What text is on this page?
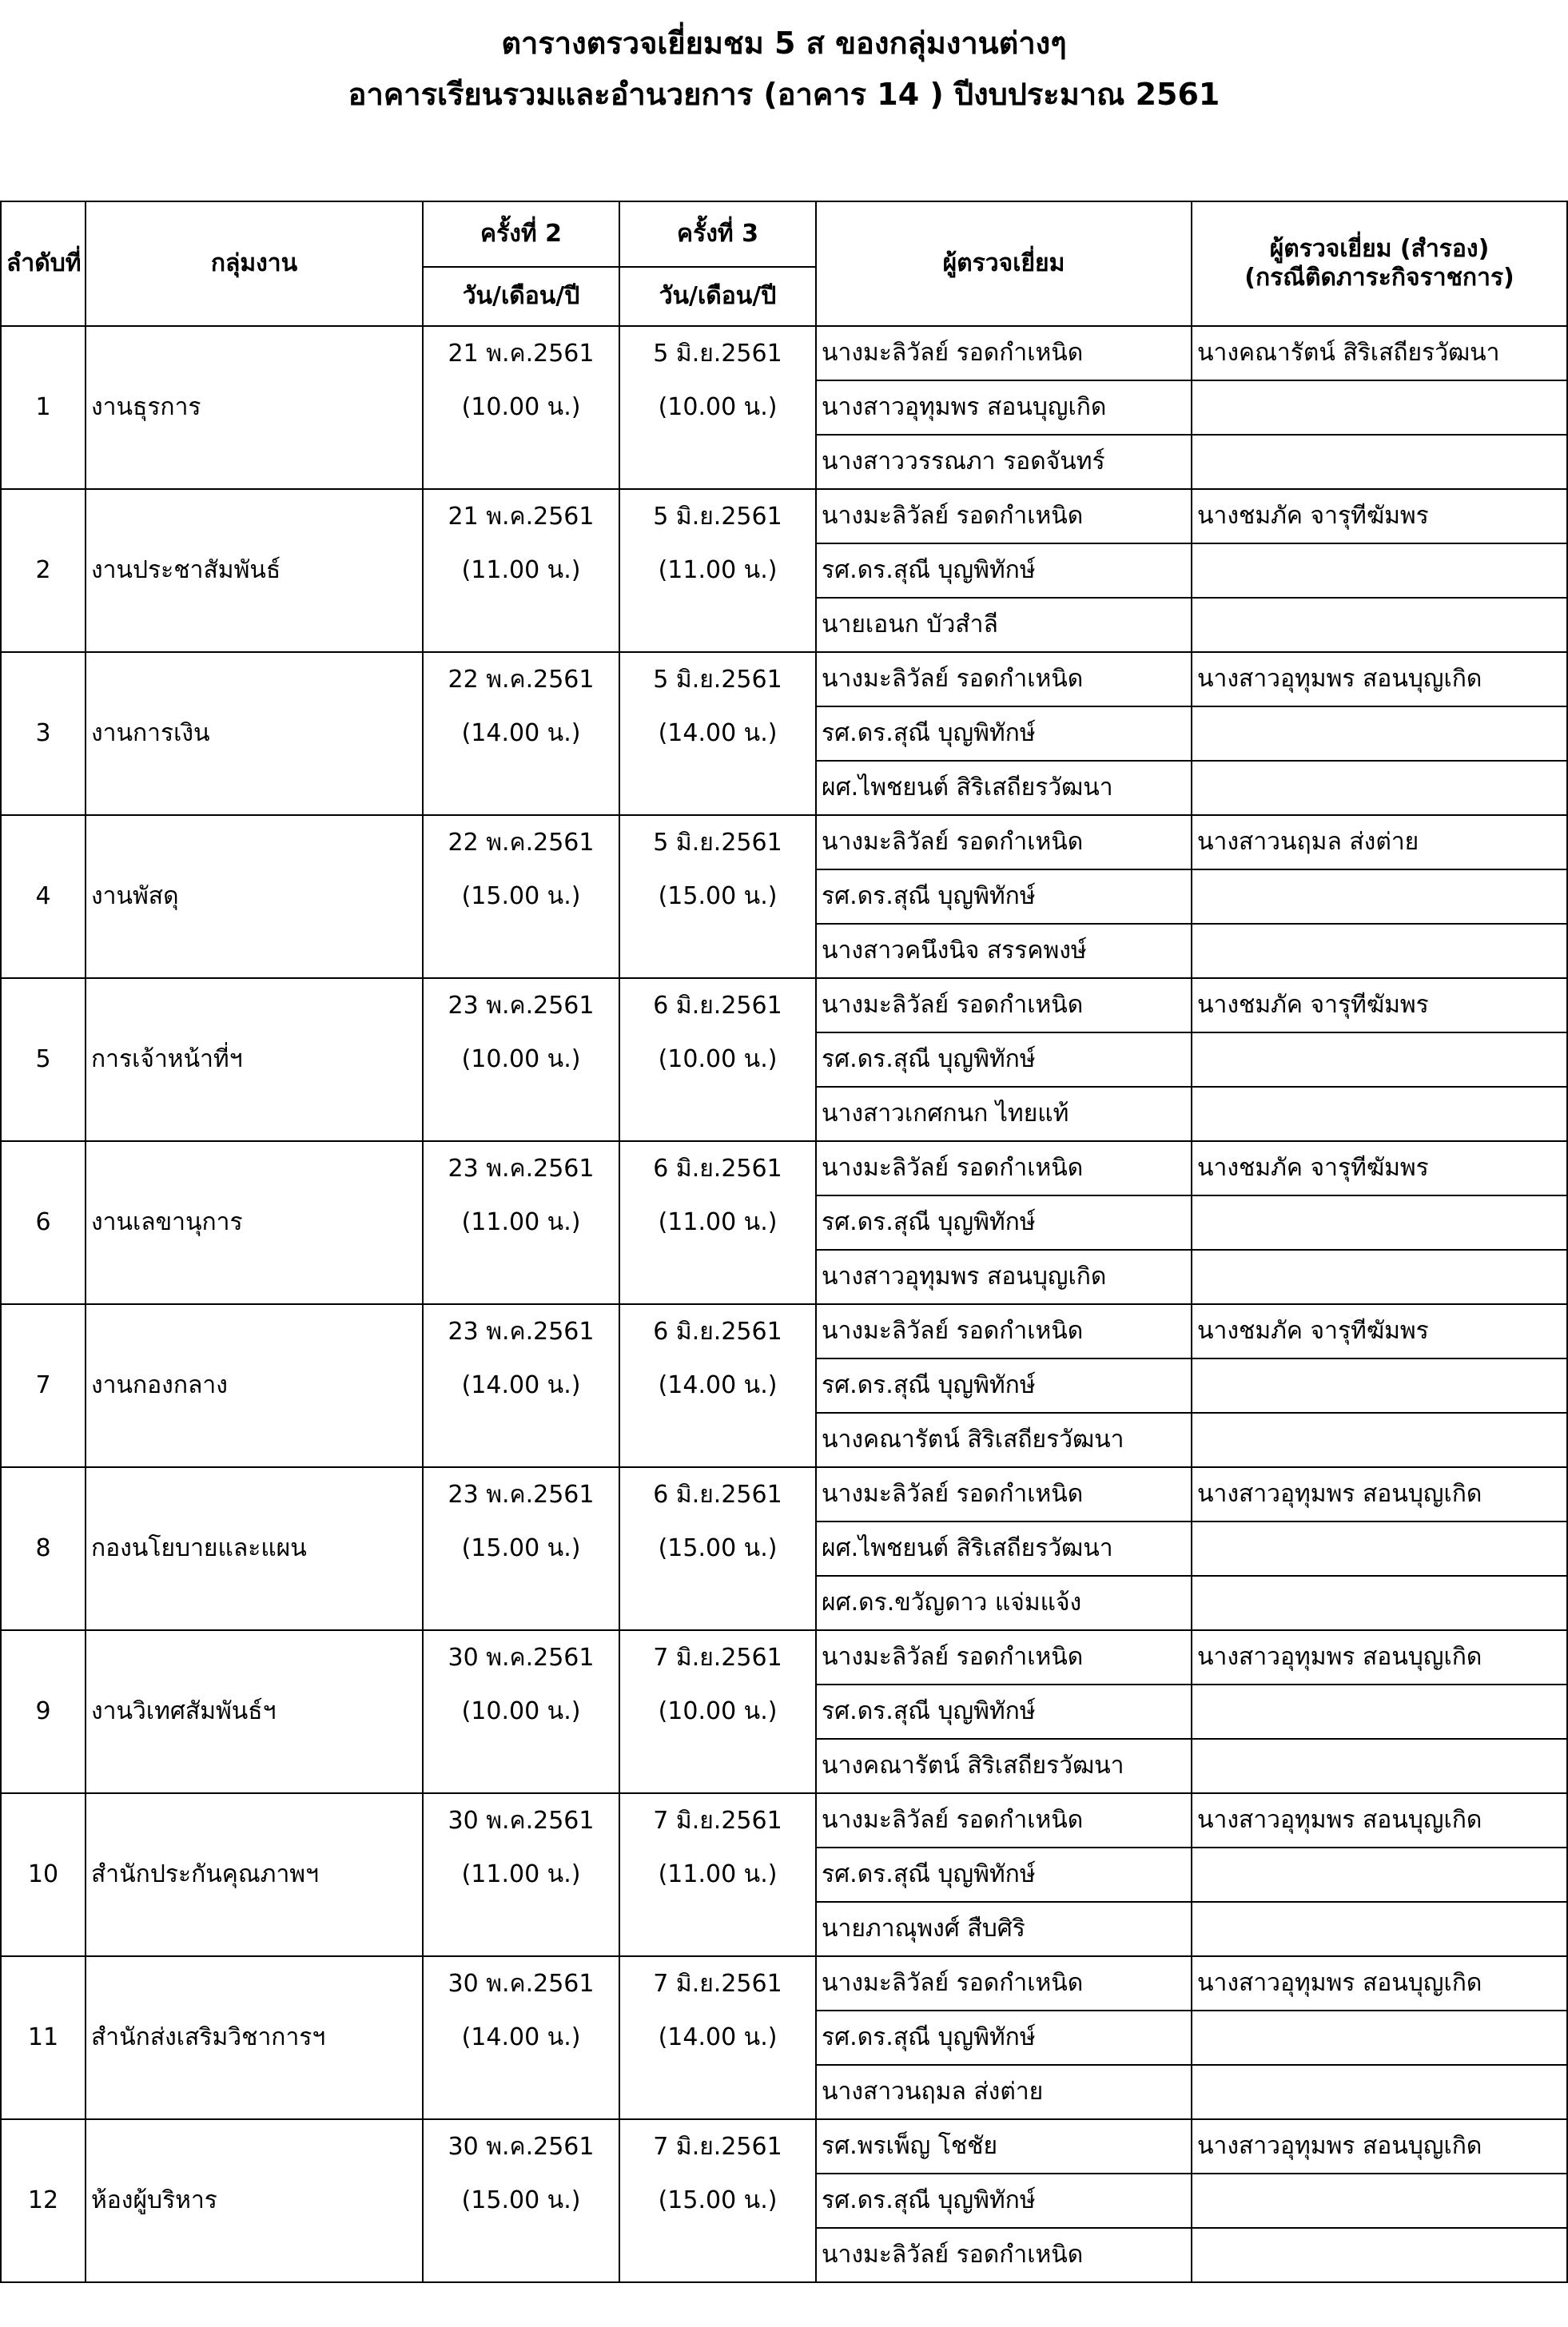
ตารางตรวจเยี่ยมชม 5 ส ของกลุ่มงานต่างๆ
อาคารเรียนรวมและอำนวยการ (อาคาร 14 ) ปีงบประมาณ 2561
ลำดับที่	กลุ่มงาน	ครั้งที่ 2	ครั้งที่ 3	ผู้ตรวจเยี่ยม	ผู้ตรวจเยี่ยม (สำรอง)
(กรณีติดภาระกิจราชการ)

		วัน/เดือน/ปี	วัน/เดือน/ปี		
1	งานธุรการ	21 พ.ค.2561	5 มิ.ย.2561	นางมะลิวัลย์ รอดกำเหนิด	นางคณารัตน์ สิริเสถียรวัฒนา
		(10.00 น.)	(10.00 น.)	นางสาวอุทุมพร สอนบุญเกิด	
				นางสาววรรณภา รอดจันทร์	
2	งานประชาสัมพันธ์	21 พ.ค.2561	5 มิ.ย.2561	นางมะลิวัลย์ รอดกำเหนิด	นางชมภัค จารุทีฆัมพร
		(11.00 น.)	(11.00 น.)	รศ.ดร.สุณี บุญพิทักษ์	
				นายเอนก บัวสำลี	
3	งานการเงิน	22 พ.ค.2561	5 มิ.ย.2561	นางมะลิวัลย์ รอดกำเหนิด	นางสาวอุทุมพร สอนบุญเกิด
		(14.00 น.)	(14.00 น.)	รศ.ดร.สุณี บุญพิทักษ์	
				ผศ.ไพชยนต์ สิริเสถียรวัฒนา	
4	งานพัสดุ	22 พ.ค.2561	5 มิ.ย.2561	นางมะลิวัลย์ รอดกำเหนิด	นางสาวนฤมล ส่งต่าย
		(15.00 น.)	(15.00 น.)	รศ.ดร.สุณี บุญพิทักษ์	
				นางสาวคนึงนิจ สรรคพงษ์	
5	การเจ้าหน้าที่ฯ	23 พ.ค.2561	6 มิ.ย.2561	นางมะลิวัลย์ รอดกำเหนิด	นางชมภัค จารุทีฆัมพร
		(10.00 น.)	(10.00 น.)	รศ.ดร.สุณี บุญพิทักษ์	
				นางสาวเกศกนก ไทยแท้	
6	งานเลขานุการ	23 พ.ค.2561	6 มิ.ย.2561	นางมะลิวัลย์ รอดกำเหนิด	นางชมภัค จารุทีฆัมพร
		(11.00 น.)	(11.00 น.)	รศ.ดร.สุณี บุญพิทักษ์	
				นางสาวอุทุมพร สอนบุญเกิด	
7	งานกองกลาง	23 พ.ค.2561	6 มิ.ย.2561	นางมะลิวัลย์ รอดกำเหนิด	นางชมภัค จารุทีฆัมพร
		(14.00 น.)	(14.00 น.)	รศ.ดร.สุณี บุญพิทักษ์	
				นางคณารัตน์ สิริเสถียรวัฒนา	
8	กองนโยบายและแผน	23 พ.ค.2561	6 มิ.ย.2561	นางมะลิวัลย์ รอดกำเหนิด	นางสาวอุทุมพร สอนบุญเกิด
		(15.00 น.)	(15.00 น.)	ผศ.ไพชยนต์ สิริเสถียรวัฒนา	
				ผศ.ดร.ขวัญดาว แจ่มแจ้ง	
9	งานวิเทศสัมพันธ์ฯ	30 พ.ค.2561	7 มิ.ย.2561	นางมะลิวัลย์ รอดกำเหนิด	นางสาวอุทุมพร สอนบุญเกิด
		(10.00 น.)	(10.00 น.)	รศ.ดร.สุณี บุญพิทักษ์	
				นางคณารัตน์ สิริเสถียรวัฒนา	
10	สำนักประกันคุณภาพฯ	30 พ.ค.2561	7 มิ.ย.2561	นางมะลิวัลย์ รอดกำเหนิด	นางสาวอุทุมพร สอนบุญเกิด
		(11.00 น.)	(11.00 น.)	รศ.ดร.สุณี บุญพิทักษ์	
				นายภาณุพงศ์ สืบศิริ	
11	สำนักส่งเสริมวิชาการฯ	30 พ.ค.2561	7 มิ.ย.2561	นางมะลิวัลย์ รอดกำเหนิด	นางสาวอุทุมพร สอนบุญเกิด
		(14.00 น.)	(14.00 น.)	รศ.ดร.สุณี บุญพิทักษ์	
				นางสาวนฤมล ส่งต่าย	
12	ห้องผู้บริหาร	30 พ.ค.2561	7 มิ.ย.2561	รศ.พรเพ็ญ โชชัย	นางสาวอุทุมพร สอนบุญเกิด
		(15.00 น.)	(15.00 น.)	รศ.ดร.สุณี บุญพิทักษ์	
				นางมะลิวัลย์ รอดกำเหนิด	
